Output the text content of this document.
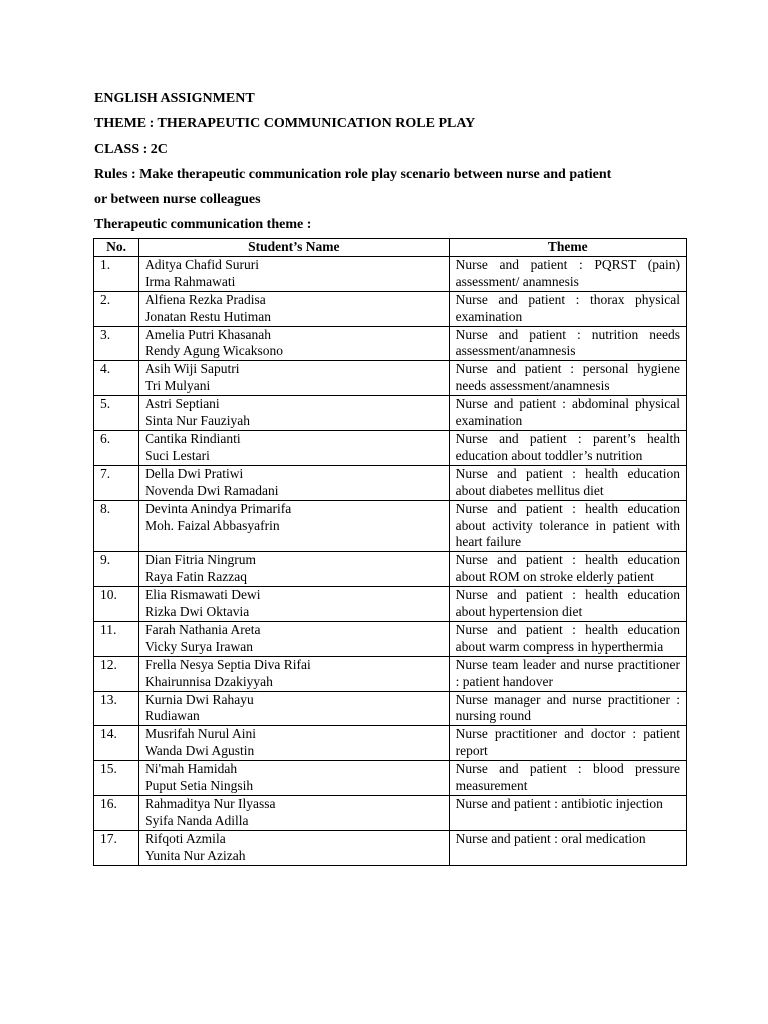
ENGLISH ASSIGNMENT

THEME : THERAPEUTIC COMMUNICATION ROLE PLAY

CLASS : 2C

Rules : Make therapeutic communication role play scenario between nurse and patient

or between nurse colleagues

Therapeutic communication theme :

No.	Student’s Name	Theme
1.	Aditya Chafid Sururi
Irma Rahmawati	Nurse and patient : PQRST (pain) assessment/ anamnesis
2.	Alfiena Rezka Pradisa
Jonatan Restu Hutiman	Nurse and patient : thorax physical examination
3.	Amelia Putri Khasanah
Rendy Agung Wicaksono	Nurse and patient : nutrition needs assessment/anamnesis
4.	Asih Wiji Saputri
Tri Mulyani	Nurse and patient : personal hygiene needs assessment/anamnesis
5.	Astri Septiani
Sinta Nur Fauziyah	Nurse and patient : abdominal physical examination
6.	Cantika Rindianti
Suci Lestari	Nurse and patient : parent’s health education about toddler’s nutrition
7.	Della Dwi Pratiwi
Novenda Dwi Ramadani	Nurse and patient : health education about diabetes mellitus diet
8.	Devinta Anindya Primarifa
Moh. Faizal Abbasyafrin	Nurse and patient : health education about activity tolerance in patient with heart failure
9.	Dian Fitria Ningrum
Raya Fatin Razzaq	Nurse and patient : health education about ROM on stroke elderly patient
10.	Elia Rismawati Dewi
Rizka Dwi Oktavia	Nurse and patient : health education about hypertension diet
11.	Farah Nathania Areta
Vicky Surya Irawan	Nurse and patient : health education about warm compress in hyperthermia
12.	Frella Nesya Septia Diva Rifai
Khairunnisa Dzakiyyah	Nurse team leader and nurse practitioner : patient handover
13.	Kurnia Dwi Rahayu
Rudiawan	Nurse manager and nurse practitioner : nursing round
14.	Musrifah Nurul Aini
Wanda Dwi Agustin	Nurse practitioner and doctor : patient report
15.	Ni'mah Hamidah
Puput Setia Ningsih	Nurse and patient : blood pressure measurement
16.	Rahmaditya Nur Ilyassa
Syifa Nanda Adilla	Nurse and patient : antibiotic injection
17.	Rifqoti Azmila
Yunita Nur Azizah	Nurse and patient : oral medication
